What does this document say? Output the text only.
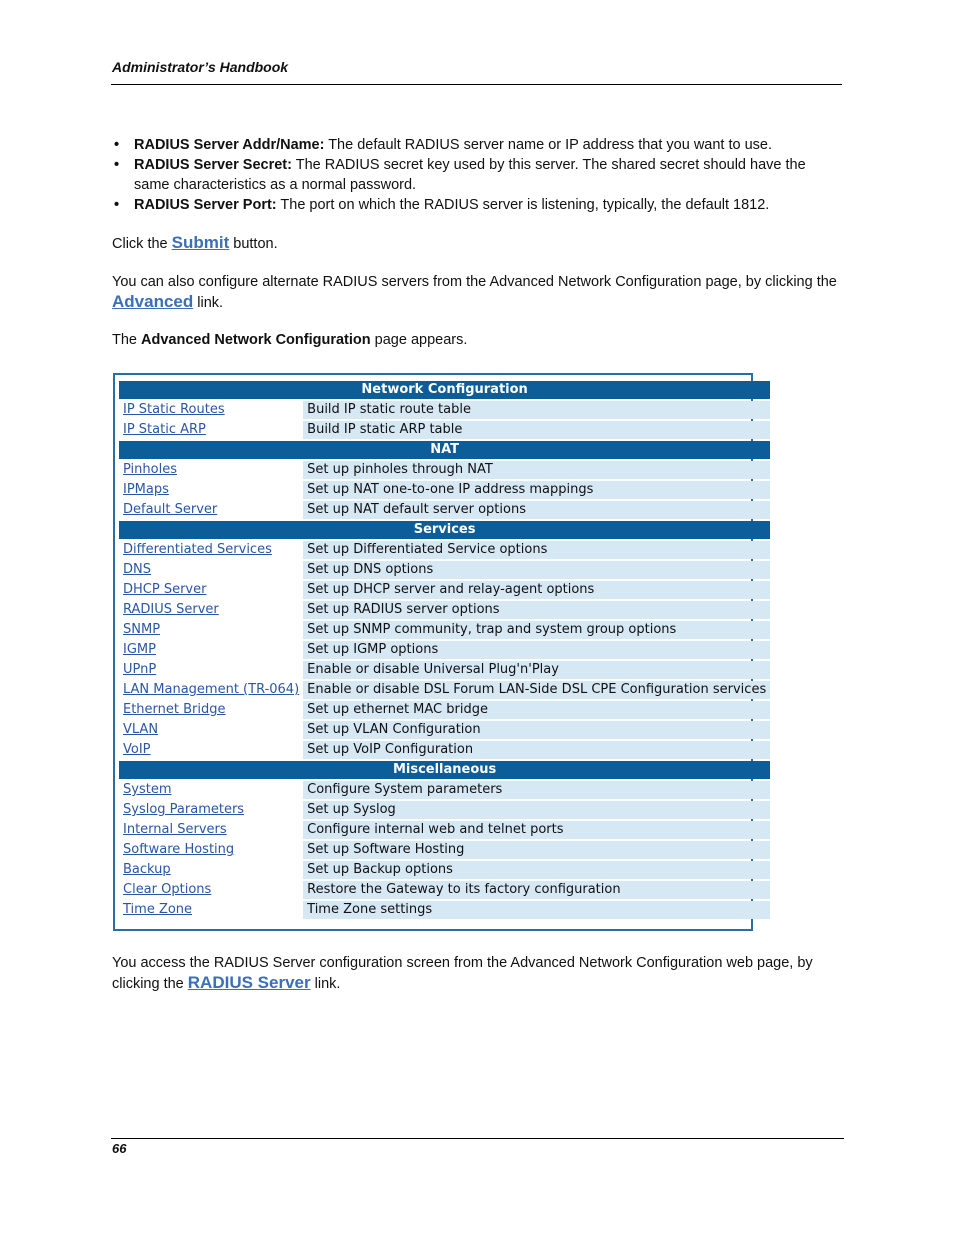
Administrator’s Handbook
• RADIUS Server Addr/Name: The default RADIUS server name or IP address that you want to use.
• RADIUS Server Secret: The RADIUS secret key used by this server. The shared secret should have the same characteristics as a normal password.
• RADIUS Server Port: The port on which the RADIUS server is listening, typically, the default 1812.

Click the Submit button.

You can also configure alternate RADIUS servers from the Advanced Network Configuration page, by clicking the Advanced link.

The Advanced Network Configuration page appears.

Network Configuration	
IP Static Routes	Build IP static route table
IP Static ARP	Build IP static ARP table
NAT	
Pinholes	Set up pinholes through NAT
IPMaps	Set up NAT one-to-one IP address mappings
Default Server	Set up NAT default server options
Services	
Differentiated Services	Set up Differentiated Service options
DNS	Set up DNS options
DHCP Server	Set up DHCP server and relay-agent options
RADIUS Server	Set up RADIUS server options
SNMP	Set up SNMP community, trap and system group options
IGMP	Set up IGMP options
UPnP	Enable or disable Universal Plug'n'Play
LAN Management (TR-064)	Enable or disable DSL Forum LAN-Side DSL CPE Configuration services
Ethernet Bridge	Set up ethernet MAC bridge
VLAN	Set up VLAN Configuration
VoIP	Set up VoIP Configuration
Miscellaneous	
System	Configure System parameters
Syslog Parameters	Set up Syslog
Internal Servers	Configure internal web and telnet ports
Software Hosting	Set up Software Hosting
Backup	Set up Backup options
Clear Options	Restore the Gateway to its factory configuration
Time Zone	Time Zone settings

You access the RADIUS Server configuration screen from the Advanced Network Configuration web page, by clicking the RADIUS Server link.

66
